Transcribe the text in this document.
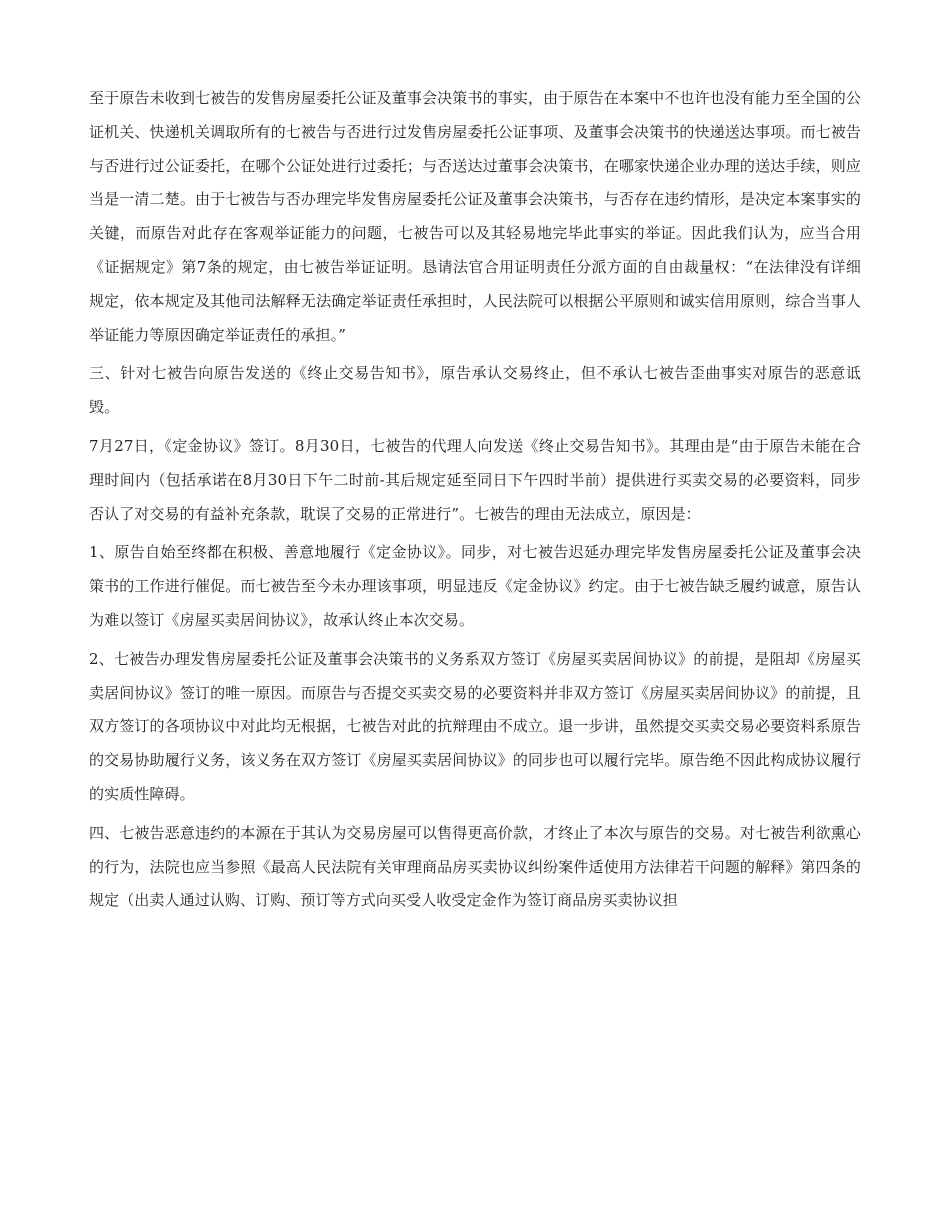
至于原告未收到七被告的发售房屋委托公证及董事会决策书的事实，由于原告在本案中不也许也没有能力至全国的公证机关、快递机关调取所有的七被告与否进行过发售房屋委托公证事项、及董事会决策书的快递送达事项。而七被告与否进行过公证委托，在哪个公证处进行过委托；与否送达过董事会决策书，在哪家快递企业办理的送达手续，则应当是一清二楚。由于七被告与否办理完毕发售房屋委托公证及董事会决策书，与否存在违约情形，是决定本案事实的关键，而原告对此存在客观举证能力的问题，七被告可以及其轻易地完毕此事实的举证。因此我们认为，应当合用《证据规定》第7条的规定，由七被告举证证明。恳请法官合用证明责任分派方面的自由裁量权：“在法律没有详细规定，依本规定及其他司法解释无法确定举证责任承担时，人民法院可以根据公平原则和诚实信用原则，综合当事人举证能力等原因确定举证责任的承担。”

三、针对七被告向原告发送的《终止交易告知书》，原告承认交易终止，但不承认七被告歪曲事实对原告的恶意诋毁。

7月27日，《定金协议》签订。8月30日，七被告的代理人向发送《终止交易告知书》。其理由是“由于原告未能在合理时间内（包括承诺在8月30日下午二时前-其后规定延至同日下午四时半前）提供进行买卖交易的必要资料，同步否认了对交易的有益补充条款，耽误了交易的正常进行”。七被告的理由无法成立，原因是：

1、原告自始至终都在积极、善意地履行《定金协议》。同步，对七被告迟延办理完毕发售房屋委托公证及董事会决策书的工作进行催促。而七被告至今未办理该事项，明显违反《定金协议》约定。由于七被告缺乏履约诚意，原告认为难以签订《房屋买卖居间协议》，故承认终止本次交易。

2、七被告办理发售房屋委托公证及董事会决策书的义务系双方签订《房屋买卖居间协议》的前提，是阻却《房屋买卖居间协议》签订的唯一原因。而原告与否提交买卖交易的必要资料并非双方签订《房屋买卖居间协议》的前提，且双方签订的各项协议中对此均无根据，七被告对此的抗辩理由不成立。退一步讲，虽然提交买卖交易必要资料系原告的交易协助履行义务，该义务在双方签订《房屋买卖居间协议》的同步也可以履行完毕。原告绝不因此构成协议履行的实质性障碍。

四、七被告恶意违约的本源在于其认为交易房屋可以售得更高价款，才终止了本次与原告的交易。对七被告利欲熏心的行为，法院也应当参照《最高人民法院有关审理商品房买卖协议纠纷案件适使用方法律若干问题的解释》第四条的规定（出卖人通过认购、订购、预订等方式向买受人收受定金作为签订商品房买卖协议担
